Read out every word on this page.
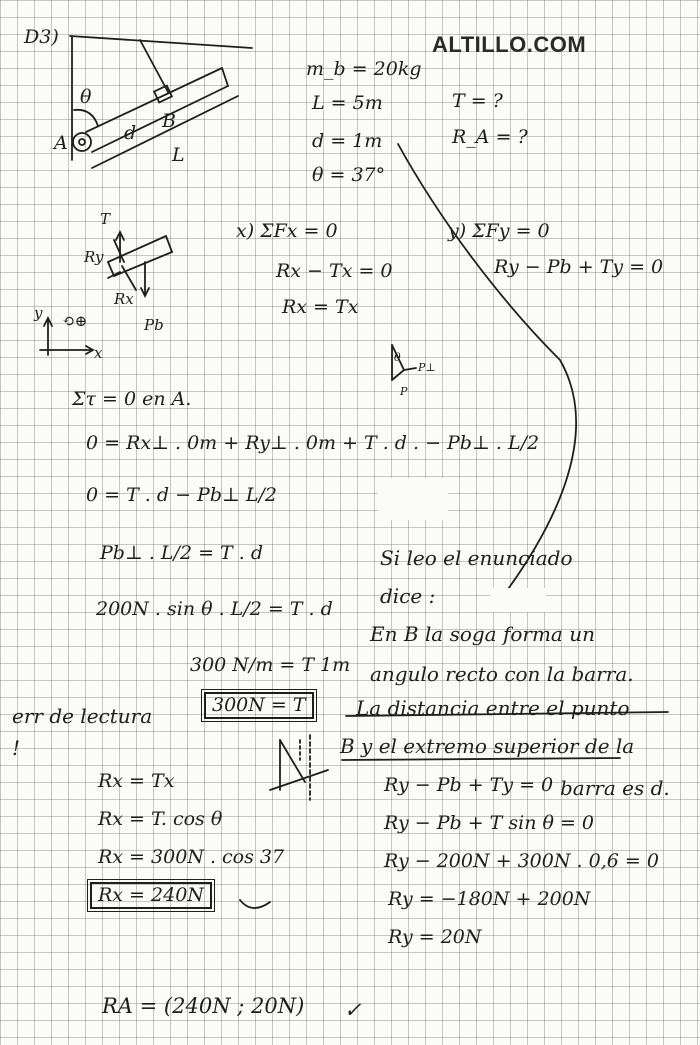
ALTILLO.COM
D3)
θ
A
B
d
L
m_b = 20kg
L = 5m
d = 1m
θ = 37°
T = ?
R_A = ?
T
Ry
Rx
Pb
y
x
⟲⊕
x) ΣFx = 0
Rx − Tx = 0
Rx = Tx
y) ΣFy = 0
Ry − Pb + Ty = 0
θ
P
P⊥
Στ = 0 en A.
0 = Rx⊥ . 0m + Ry⊥ . 0m + T . d . − Pb⊥ . L/2
0 = T . d − Pb⊥ L/2
Pb⊥ . L/2 = T . d
200N . sin θ . L/2 = T . d
300 N/m = T 1m
300N = T
err de lectura !
Si leo el enunciado
dice :
En B la soga forma un
angulo recto con la barra.
La distancia entre el punto
B y el extremo superior de la
barra es d.
Rx = Tx
Rx = T. cos θ
Rx = 300N . cos 37
Rx = 240N
Ry − Pb + Ty = 0
Ry − Pb + T sin θ = 0
Ry − 200N + 300N . 0,6 = 0
Ry = −180N + 200N
Ry = 20N
RA = (240N ; 20N) ✓
